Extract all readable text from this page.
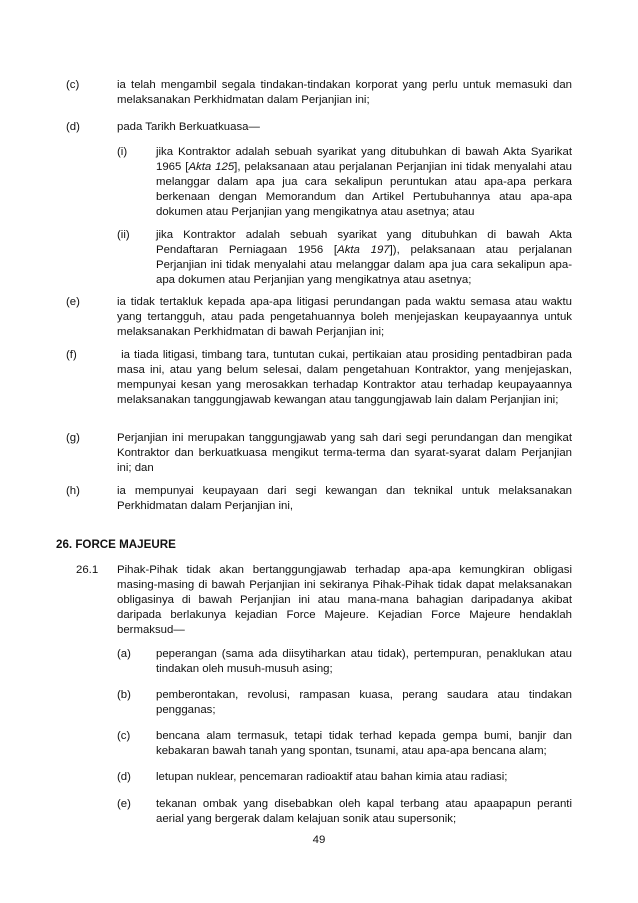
(c)	ia telah mengambil segala tindakan-tindakan korporat yang perlu untuk memasuki dan melaksanakan Perkhidmatan dalam Perjanjian ini;
(d)	pada Tarikh Berkuatkuasa—
(i)	jika Kontraktor adalah sebuah syarikat yang ditubuhkan di bawah Akta Syarikat 1965 [Akta 125], pelaksanaan atau perjalanan Perjanjian ini tidak menyalahi atau melanggar dalam apa jua cara sekalipun peruntukan atau apa-apa perkara berkenaan dengan Memorandum dan Artikel Pertubuhannya atau apa-apa dokumen atau Perjanjian yang mengikatnya atau asetnya; atau
(ii) jika Kontraktor adalah sebuah syarikat yang ditubuhkan di bawah Akta Pendaftaran Perniagaan 1956 [Akta 197]), pelaksanaan atau perjalanan Perjanjian ini tidak menyalahi atau melanggar dalam apa jua cara sekalipun apa-apa dokumen atau Perjanjian yang mengikatnya atau asetnya;
(e)	ia tidak tertakluk kepada apa-apa litigasi perundangan pada waktu semasa atau waktu yang tertangguh, atau pada pengetahuannya boleh menjejaskan keupayaannya untuk melaksanakan Perkhidmatan di bawah Perjanjian ini;
(f)	ia tiada litigasi, timbang tara, tuntutan cukai, pertikaian atau prosiding pentadbiran pada masa ini, atau yang belum selesai, dalam pengetahuan Kontraktor, yang menjejaskan, mempunyai kesan yang merosakkan terhadap Kontraktor atau terhadap keupayaannya melaksanakan tanggungjawab kewangan atau tanggungjawab lain dalam Perjanjian ini;
(g)	Perjanjian ini merupakan tanggungjawab yang sah dari segi perundangan dan mengikat Kontraktor dan berkuatkuasa mengikut terma-terma dan syarat-syarat dalam Perjanjian ini; dan
(h)	ia mempunyai keupayaan dari segi kewangan dan teknikal untuk melaksanakan Perkhidmatan dalam Perjanjian ini,
26. FORCE MAJEURE
26.1 Pihak-Pihak tidak akan bertanggungjawab terhadap apa-apa kemungkiran obligasi masing-masing di bawah Perjanjian ini sekiranya Pihak-Pihak tidak dapat melaksanakan obligasinya di bawah Perjanjian ini atau mana-mana bahagian daripadanya akibat daripada berlakunya kejadian Force Majeure. Kejadian Force Majeure hendaklah bermaksud—
(a) peperangan (sama ada diisytiharkan atau tidak), pertempuran, penaklukan atau tindakan oleh musuh-musuh asing;
(b) pemberontakan, revolusi, rampasan kuasa, perang saudara atau tindakan pengganas;
(c) bencana alam termasuk, tetapi tidak terhad kepada gempa bumi, banjir dan kebakaran bawah tanah yang spontan, tsunami, atau apa-apa bencana alam;
(d) letupan nuklear, pencemaran radioaktif atau bahan kimia atau radiasi;
(e) tekanan ombak yang disebabkan oleh kapal terbang atau apaapapun peranti aerial yang bergerak dalam kelajuan sonik atau supersonik;
49
